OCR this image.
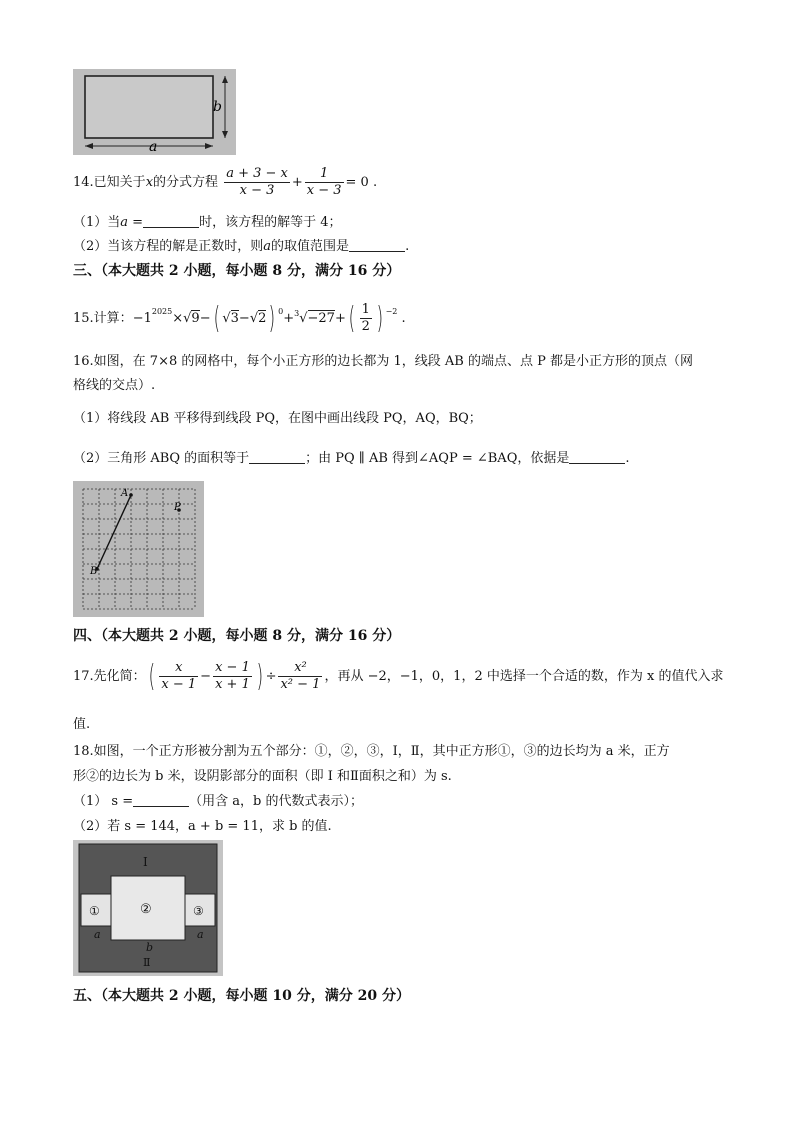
a
b
14.已知关于x的分式方程 $\frac{a + 3 - x}{x - 3} + \frac{1}{x - 3} = 0$ .
（1）当a =	时，该方程的解等于 4；
（2）当该方程的解是正数时，则a的取值范围是	.
三、（本大题共 2 小题，每小题 8 分，满分 16 分）
15.计算：$-1^{2025}\times√9-$( √3−√2) $^0+^3√-27+( \frac{1}{2}$ ) $^{-2}$ .
16.如图，在 7×8 的网格中，每个小正方形的边长都为 1，线段 AB 的端点、点 P 都是小正方形的顶点（网
格线的交点）.
（1）将线段 AB 平移得到线段 PQ，在图中画出线段 PQ，AQ，BQ；
（2）三角形 ABQ 的面积等于	；由 PQ ∥ AB 得到∠AQP = ∠BAQ，依据是	.
A
B
P
四、（本大题共 2 小题，每小题 8 分，满分 16 分）
17.先化简：( $\frac{x}{x - 1} - \frac{x - 1}{x + 1}$ ) ÷ $\frac{\text{x²}}{\text{x² − 1}}$ ，再从 −2，−1，0，1，2 中选择一个合适的数，作为 x 的值代入求
值.
18.如图，一个正方形被分割为五个部分：①，②，③，I，Ⅱ，其中正方形①，③的边长均为 a 米，正方
形②的边长为 b 米，设阴影部分的面积（即 I 和Ⅱ面积之和）为 s.
（1） s =	（用含 a，b 的代数式表示）；
（2）若 s = 144，a + b = 11，求 b 的值.
I
Ⅱ
①	②	③
a
b
a
五、（本大题共 2 小题，每小题 10 分，满分 20 分）
